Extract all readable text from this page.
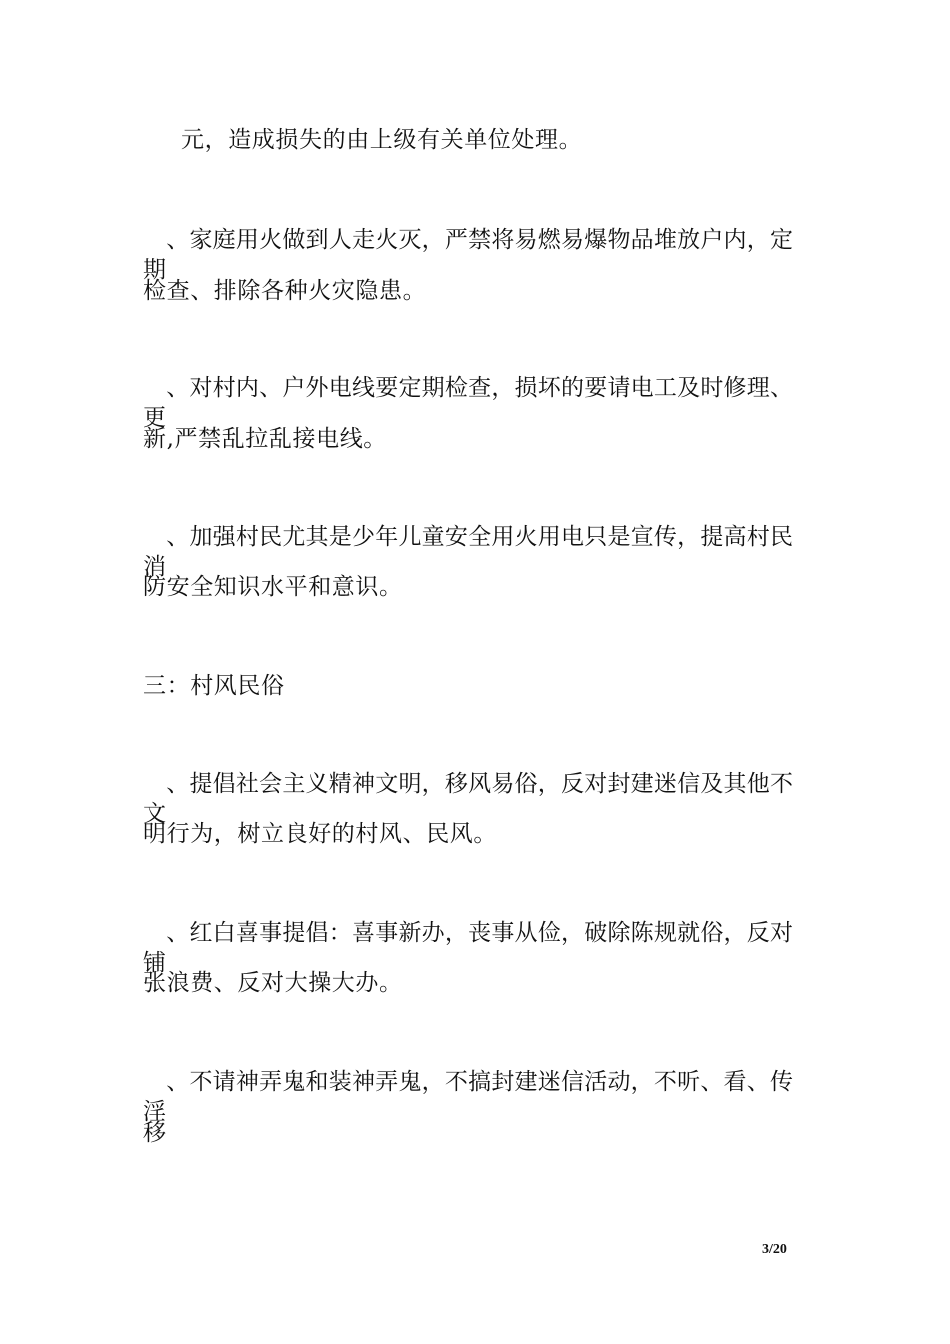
元，造成损失的由上级有关单位处理。
　、家庭用火做到人走火灭，严禁将易燃易爆物品堆放户内，定期
检查、排除各种火灾隐患。
　、对村内、户外电线要定期检查，损坏的要请电工及时修理、更
新,严禁乱拉乱接电线。
　、加强村民尤其是少年儿童安全用火用电只是宣传，提高村民消
防安全知识水平和意识。
三：村风民俗
　、提倡社会主义精神文明，移风易俗，反对封建迷信及其他不文
明行为，树立良好的村风、民风。
　、红白喜事提倡：喜事新办，丧事从俭，破除陈规就俗，反对铺
张浪费、反对大操大办。
　、不请神弄鬼和装神弄鬼，不搞封建迷信活动，不听、看、传淫
移
3/20
